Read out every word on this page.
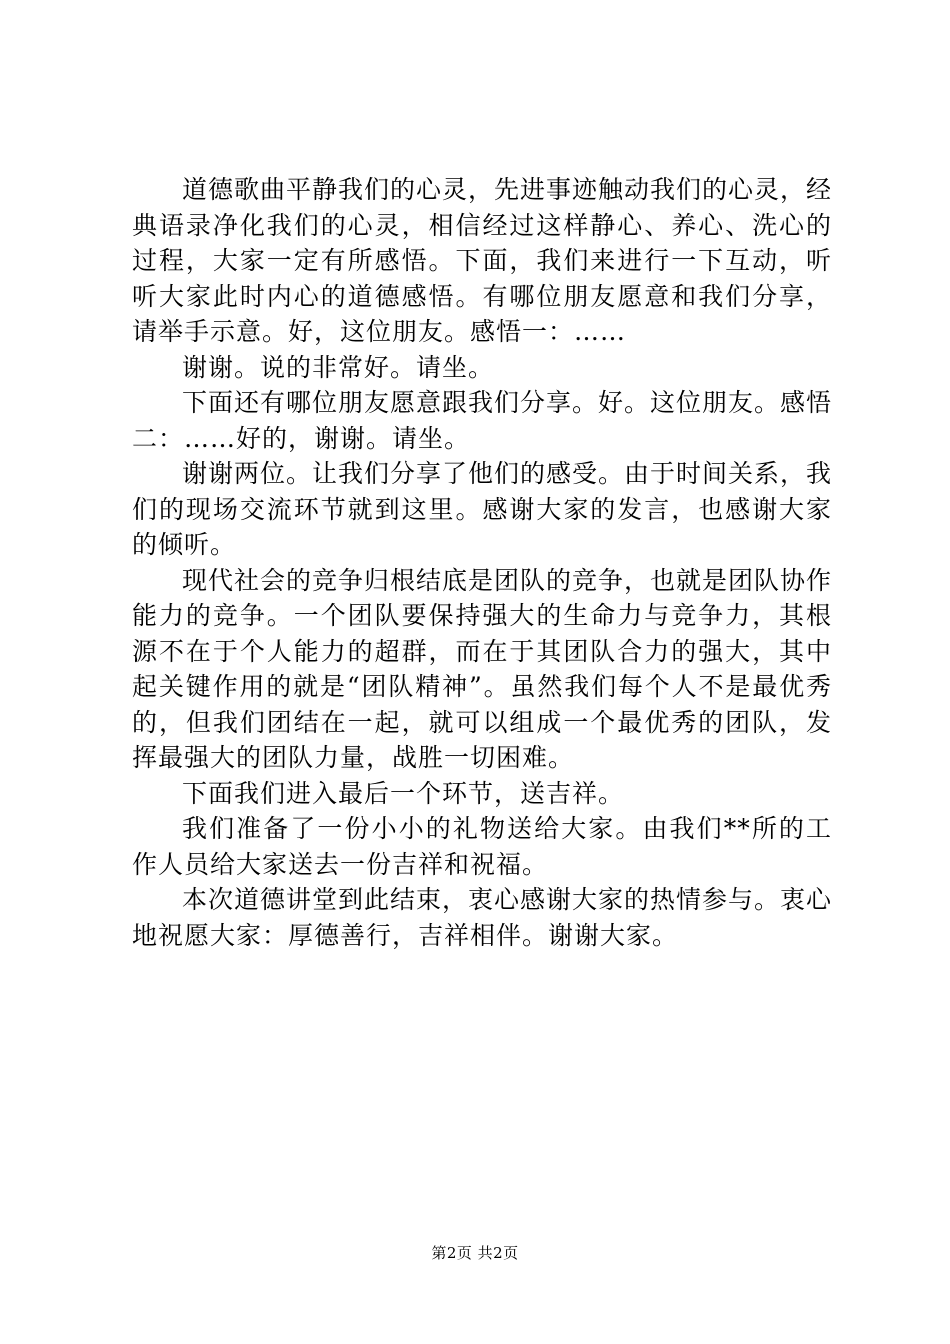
道德歌曲平静我们的心灵，先进事迹触动我们的心灵，经典语录净化我们的心灵，相信经过这样静心、养心、洗心的过程，大家一定有所感悟。下面，我们来进行一下互动，听听大家此时内心的道德感悟。有哪位朋友愿意和我们分享，请举手示意。好，这位朋友。感悟一：……

谢谢。说的非常好。请坐。

下面还有哪位朋友愿意跟我们分享。好。这位朋友。感悟二：……好的，谢谢。请坐。

谢谢两位。让我们分享了他们的感受。由于时间关系，我们的现场交流环节就到这里。感谢大家的发言，也感谢大家的倾听。

现代社会的竞争归根结底是团队的竞争，也就是团队协作能力的竞争。一个团队要保持强大的生命力与竞争力，其根源不在于个人能力的超群，而在于其团队合力的强大，其中起关键作用的就是“团队精神”。虽然我们每个人不是最优秀的，但我们团结在一起，就可以组成一个最优秀的团队，发挥最强大的团队力量，战胜一切困难。

下面我们进入最后一个环节，送吉祥。

我们准备了一份小小的礼物送给大家。由我们**所的工作人员给大家送去一份吉祥和祝福。

本次道德讲堂到此结束，衷心感谢大家的热情参与。衷心地祝愿大家：厚德善行，吉祥相伴。谢谢大家。

第2页 共2页
